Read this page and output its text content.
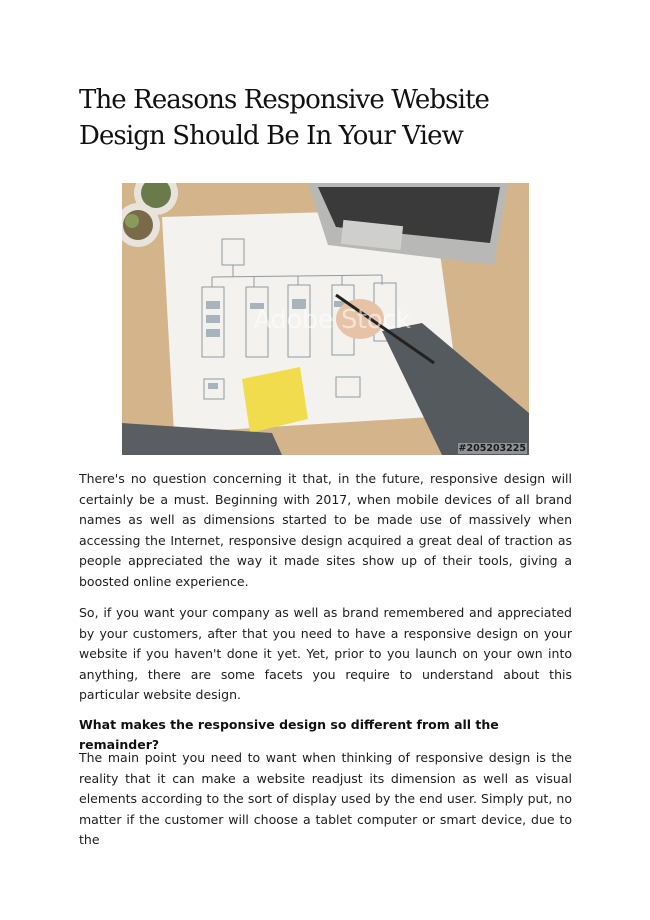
The Reasons Responsive Website
Design Should Be In Your View
Adobe Stock
#205203225

There's no question concerning it that, in the future, responsive design will certainly be a must. Beginning with 2017, when mobile devices of all brand names as well as dimensions started to be made use of massively when accessing the Internet, responsive design acquired a great deal of traction as people appreciated the way it made sites show up of their tools, giving a boosted online experience.

So, if you want your company as well as brand remembered and appreciated by your customers, after that you need to have a responsive design on your website if you haven't done it yet. Yet, prior to you launch on your own into anything, there are some facets you require to understand about this particular website design.

What makes the responsive design so different from all the remainder?

The main point you need to want when thinking of responsive design is the reality that it can make a website readjust its dimension as well as visual elements according to the sort of display used by the end user. Simply put, no matter if the customer will choose a tablet computer or smart device, due to the
